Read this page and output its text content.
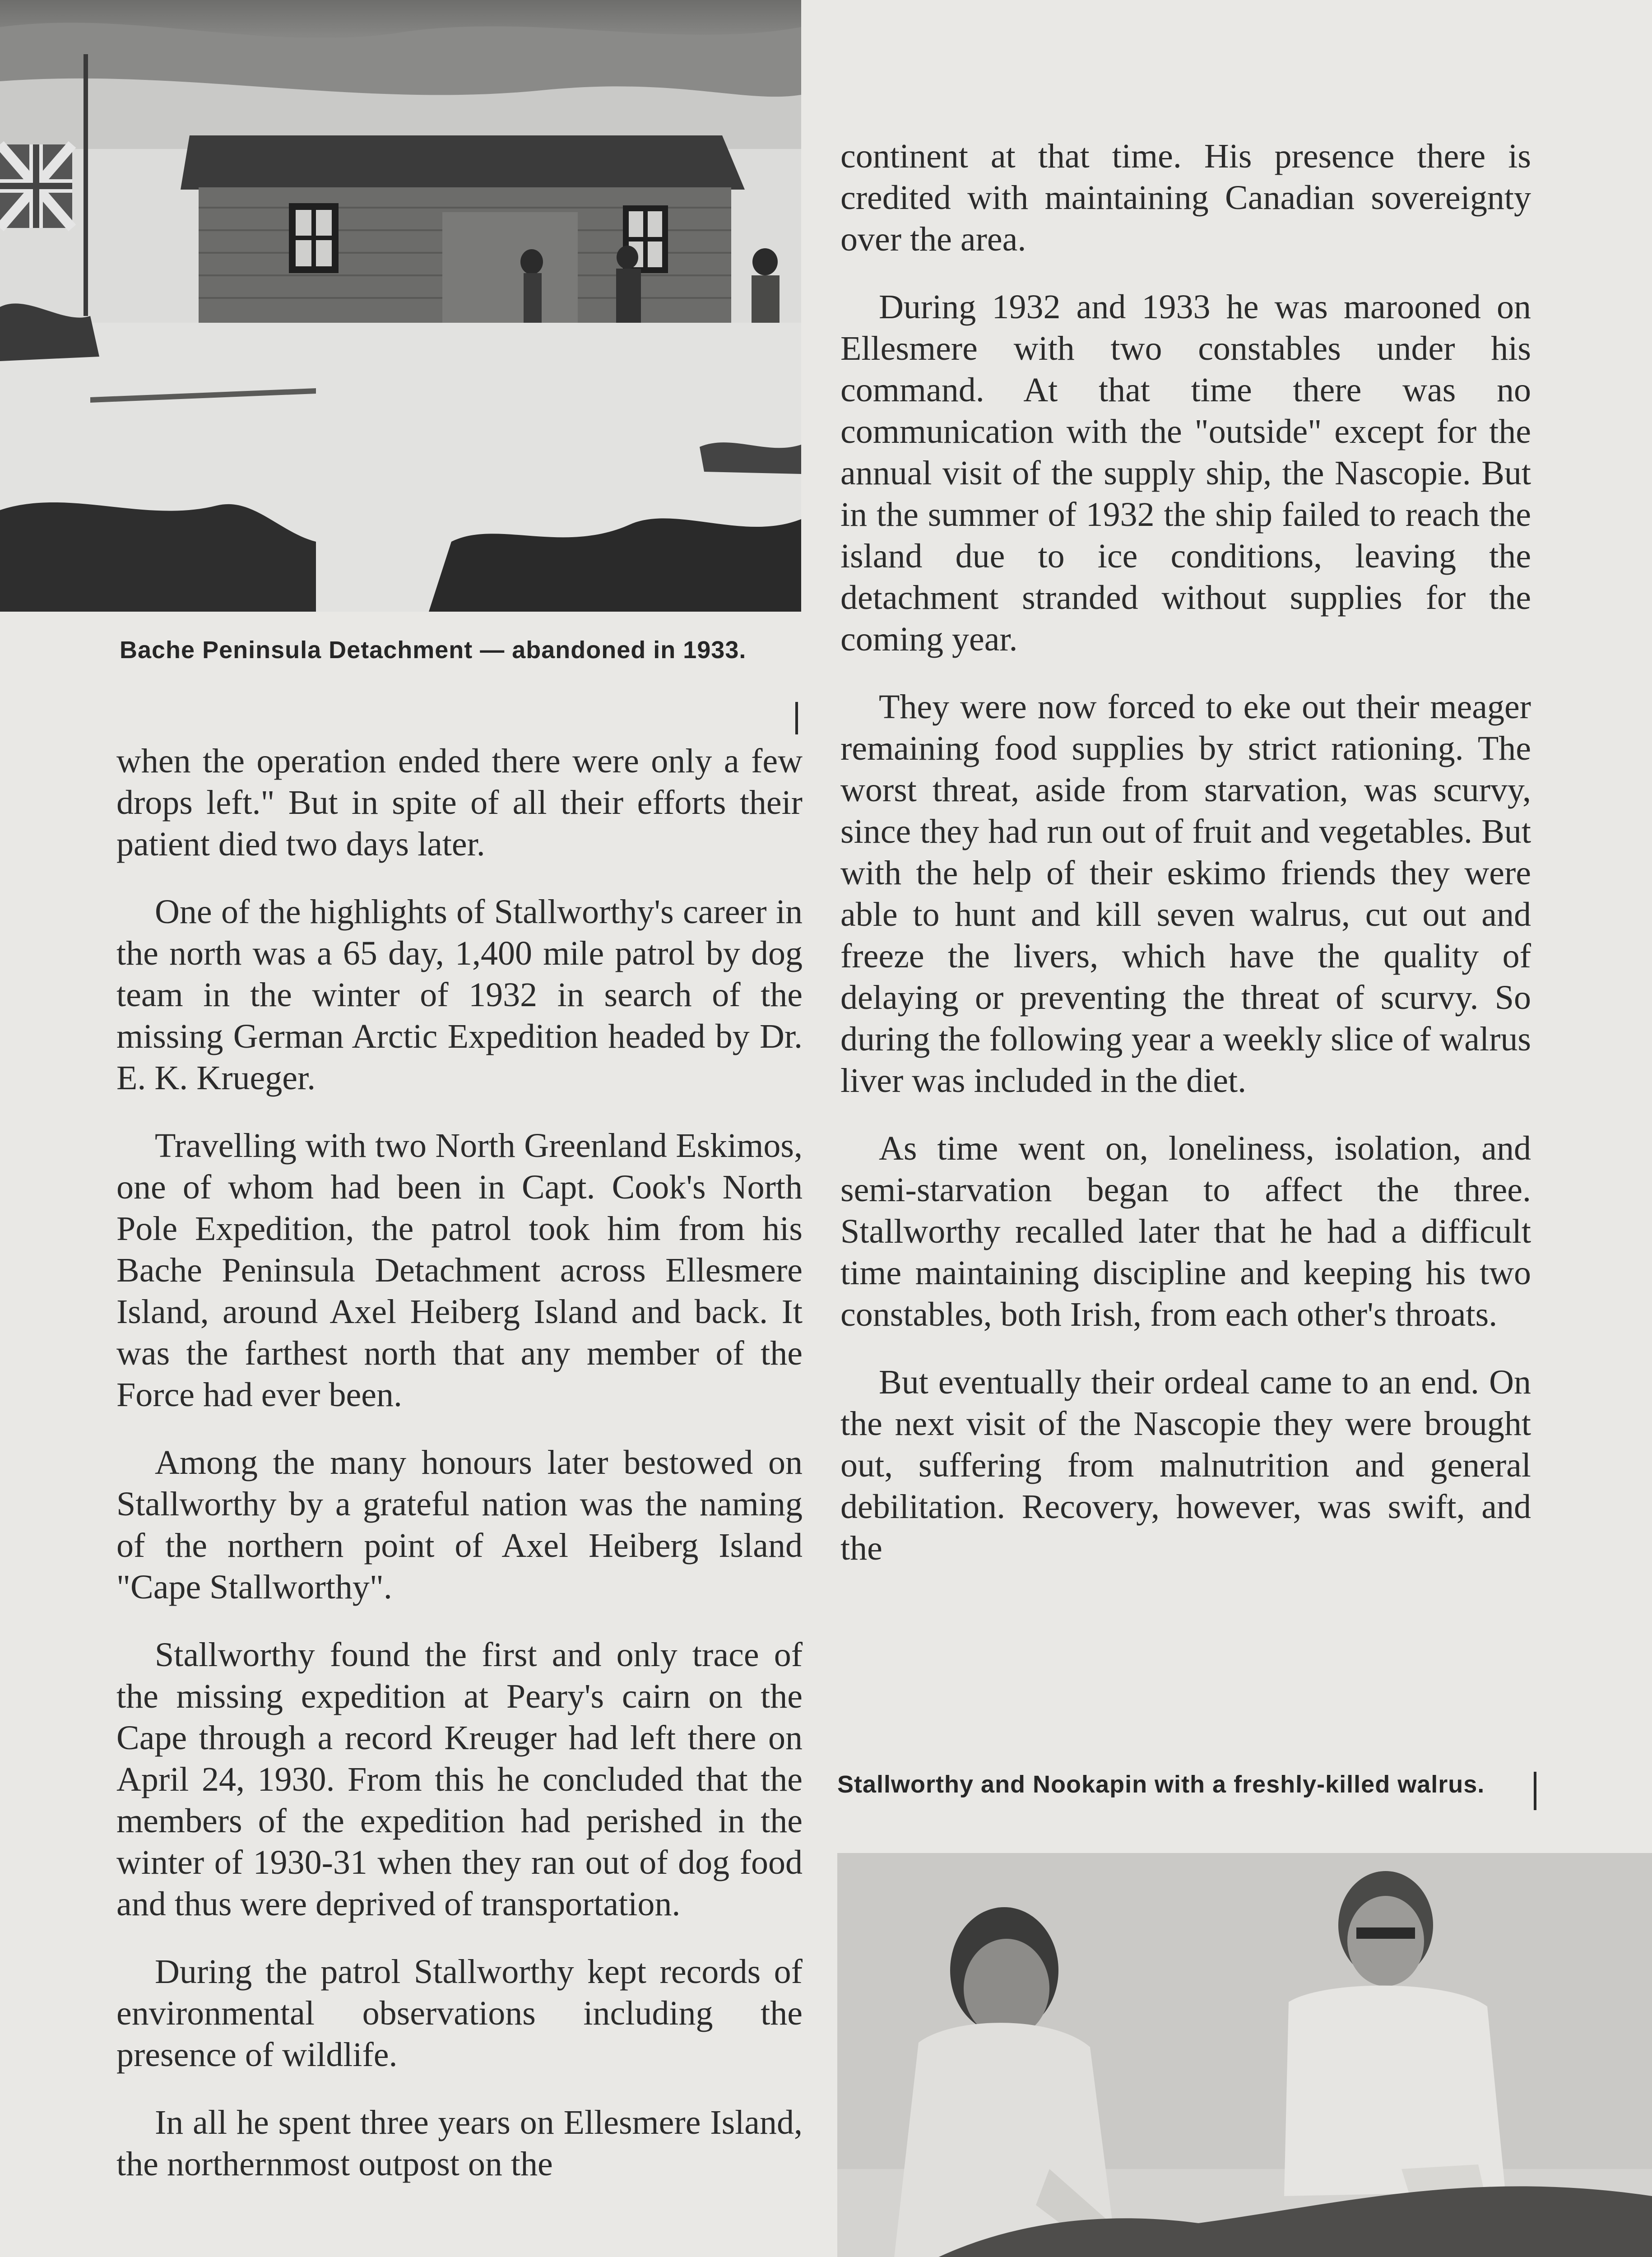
Bache Peninsula Detachment — abandoned in 1933.

when the operation ended there were only a few drops left." But in spite of all their efforts their patient died two days later.

One of the highlights of Stallworthy's career in the north was a 65 day, 1,400 mile patrol by dog team in the winter of 1932 in search of the missing German Arctic Expedition headed by Dr. E. K. Krueger.

Travelling with two North Greenland Eskimos, one of whom had been in Capt. Cook's North Pole Expedition, the patrol took him from his Bache Peninsula Detachment across Ellesmere Island, around Axel Heiberg Island and back. It was the farthest north that any member of the Force had ever been.

Among the many honours later bestowed on Stallworthy by a grateful nation was the naming of the northern point of Axel Heiberg Island "Cape Stallworthy".

Stallworthy found the first and only trace of the missing expedition at Peary's cairn on the Cape through a record Kreuger had left there on April 24, 1930. From this he concluded that the members of the expedition had perished in the winter of 1930-31 when they ran out of dog food and thus were deprived of transportation.

During the patrol Stallworthy kept records of environmental observations including the presence of wildlife.

In all he spent three years on Ellesmere Island, the northernmost outpost on the

continent at that time. His presence there is credited with maintaining Canadian sovereignty over the area.

During 1932 and 1933 he was marooned on Ellesmere with two constables under his command. At that time there was no communication with the "outside" except for the annual visit of the supply ship, the Nascopie. But in the summer of 1932 the ship failed to reach the island due to ice conditions, leaving the detachment stranded without supplies for the coming year.

They were now forced to eke out their meager remaining food supplies by strict rationing. The worst threat, aside from starvation, was scurvy, since they had run out of fruit and vegetables. But with the help of their eskimo friends they were able to hunt and kill seven walrus, cut out and freeze the livers, which have the quality of delaying or preventing the threat of scurvy. So during the following year a weekly slice of walrus liver was included in the diet.

As time went on, loneliness, isolation, and semi-starvation began to affect the three. Stallworthy recalled later that he had a difficult time maintaining discipline and keeping his two constables, both Irish, from each other's throats.

But eventually their ordeal came to an end. On the next visit of the Nascopie they were brought out, suffering from malnutrition and general debilitation. Recovery, however, was swift, and the

Stallworthy and Nookapin with a freshly-killed walrus.
